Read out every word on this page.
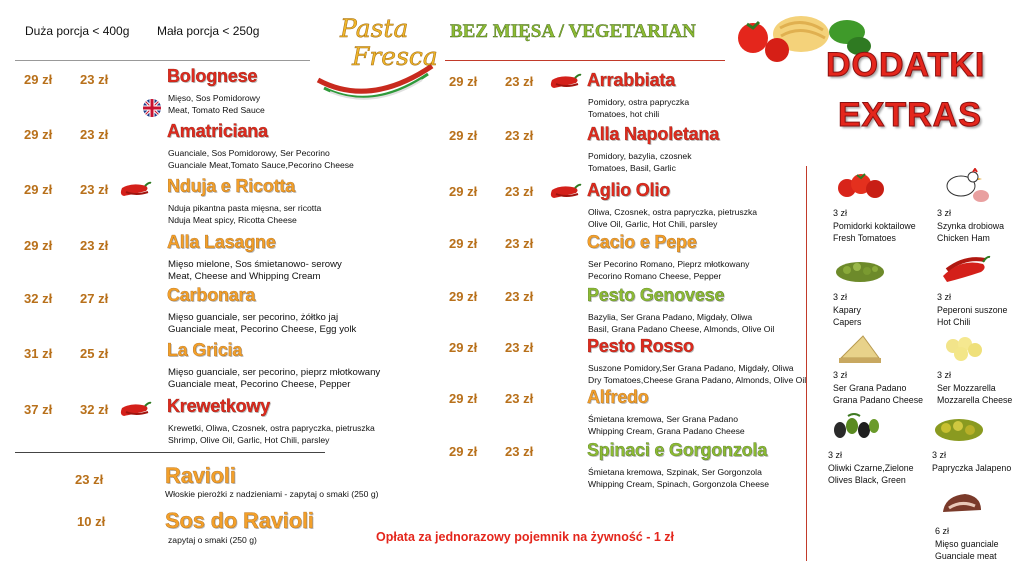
Duża porcja < 400g Mała porcja < 250g	Pasta
Fresca
BEZ MIĘSA / VEGETARIAN
DODATKI
EXTRAS
29 zł 23 zł	Bolognese
Mięso, Sos Pomidorowy
Meat, Tomato Red Sauce
29 zł 23 zł	Amatriciana
Guanciale, Sos Pomidorowy, Ser Pecorino
Guanciale Meat,Tomato Sauce,Pecorino Cheese
29 zł 23 zł	Nduja e Ricotta
Nduja pikantna pasta mięsna, ser ricotta
Nduja Meat spicy, Ricotta Cheese
29 zł 23 zł	Alla Lasagne
Mięso mielone, Sos śmietanowo- serowy
Meat, Cheese and Whipping Cream
32 zł 27 zł	Carbonara
Mięso guanciale, ser pecorino, żółtko jaj
Guanciale meat, Pecorino Cheese, Egg yolk
31 zł 25 zł	La Gricia
Mięso guanciale, ser pecorino, pieprz młotkowany
Guanciale meat, Pecorino Cheese, Pepper
37 zł 32 zł	Krewetkowy
Krewetki, Oliwa, Czosnek, ostra papryczka, pietruszka
Shrimp, Olive Oil, Garlic, Hot Chili, parsley
23 zł	Ravioli
Włoskie pierożki z nadzieniami - zapytaj o smaki (250 g)
10 zł	Sos do Ravioli
zapytaj o smaki (250 g)
29 zł 23 zł	Arrabbiata
Pomidory, ostra papryczka
Tomatoes, hot chili
29 zł 23 zł	Alla Napoletana
Pomidory, bazylia, czosnek
Tomatoes, Basil, Garlic
29 zł 23 zł	Aglio Olio
Oliwa, Czosnek, ostra papryczka, pietruszka
Olive Oil, Garlic, Hot Chili, parsley
29 zł 23 zł	Cacio e Pepe
Ser Pecorino Romano, Pieprz młotkowany
Pecorino Romano Cheese, Pepper
29 zł 23 zł	Pesto Genovese
Bazylia, Ser Grana Padano, Migdały, Oliwa
Basil, Grana Padano Cheese, Almonds, Olive Oil
29 zł 23 zł	Pesto Rosso
Suszone Pomidory,Ser Grana Padano, Migdały, Oliwa
Dry Tomatoes,Cheese Grana Padano, Almonds, Olive Oil
29 zł 23 zł	Alfredo
Śmietana kremowa, Ser Grana Padano
Whipping Cream, Grana Padano Cheese
29 zł 23 zł	Spinaci e Gorgonzola
Śmietana kremowa, Szpinak, Ser Gorgonzola
Whipping Cream, Spinach, Gorgonzola Cheese
Opłata za jednorazowy pojemnik na żywność - 1 zł
3 zł
Pomidorki koktailowe
Fresh Tomatoes
3 zł
Szynka drobiowa
Chicken Ham
3 zł
Kapary
Capers
3 zł
Peperoni suszone
Hot Chili
3 zł
Ser Grana Padano
Grana Padano Cheese
3 zł
Ser Mozzarella
Mozzarella Cheese
3 zł
Oliwki Czarne,Zielone
Olives Black, Green
3 zł
Papryczka Jalapeno
6 zł
Mięso guanciale
Guanciale meat
